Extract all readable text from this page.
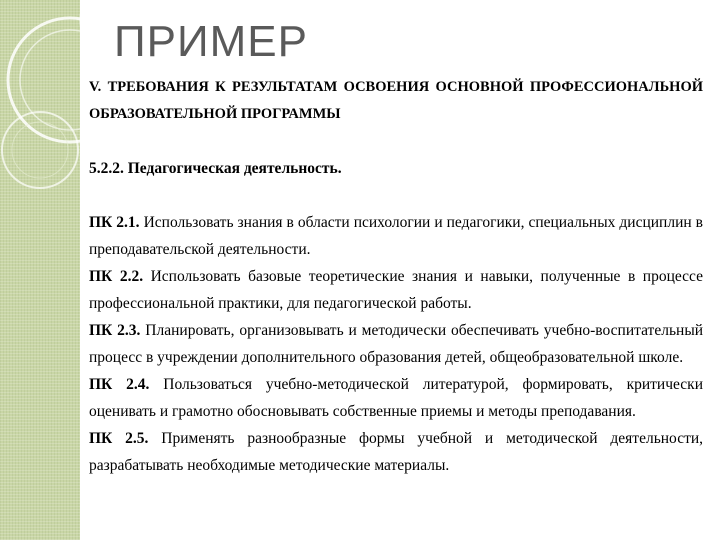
ПРИМЕР

V. ТРЕБОВАНИЯ К РЕЗУЛЬТАТАМ ОСВОЕНИЯ ОСНОВНОЙ ПРОФЕССИОНАЛЬНОЙ ОБРАЗОВАТЕЛЬНОЙ ПРОГРАММЫ

5.2.2. Педагогическая деятельность.

ПК 2.1. Использовать знания в области психологии и педагогики, специальных дисциплин в преподавательской деятельности.

ПК 2.2. Использовать базовые теоретические знания и навыки, полученные в процессе профессиональной практики, для педагогической работы.

ПК 2.3. Планировать, организовывать и методически обеспечивать учебно-воспитательный процесс в учреждении дополнительного образования детей, общеобразовательной школе.

ПК 2.4. Пользоваться учебно-методической литературой, формировать, критически оценивать и грамотно обосновывать собственные приемы и методы преподавания.

ПК 2.5. Применять разнообразные формы учебной и методической деятельности, разрабатывать необходимые методические материалы.
